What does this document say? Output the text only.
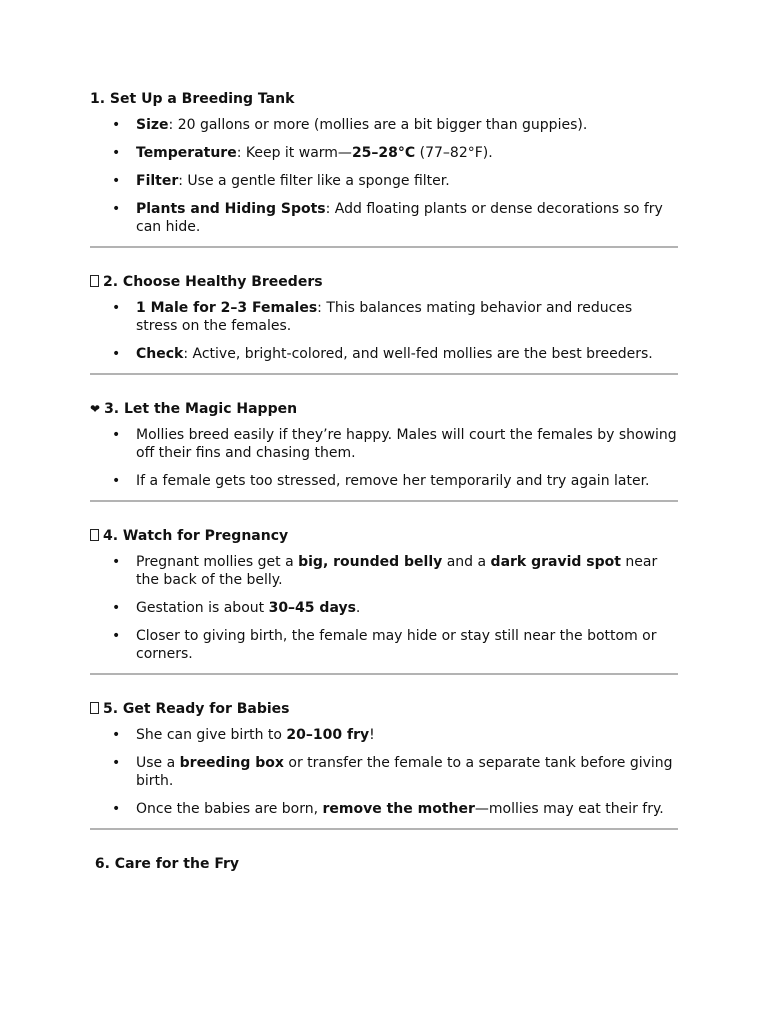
1. Set Up a Breeding Tank
• Size: 20 gallons or more (mollies are a bit bigger than guppies).
• Temperature: Keep it warm—25–28°C (77–82°F).
• Filter: Use a gentle filter like a sponge filter.
• Plants and Hiding Spots: Add floating plants or dense decorations so fry can hide.
2. Choose Healthy Breeders
• 1 Male for 2–3 Females: This balances mating behavior and reduces stress on the females.
• Check: Active, bright-colored, and well-fed mollies are the best breeders.
❤ 3. Let the Magic Happen
• Mollies breed easily if they’re happy. Males will court the females by showing off their fins and chasing them.
• If a female gets too stressed, remove her temporarily and try again later.
4. Watch for Pregnancy
• Pregnant mollies get a big, rounded belly and a dark gravid spot near the back of the belly.
• Gestation is about 30–45 days.
• Closer to giving birth, the female may hide or stay still near the bottom or corners.
5. Get Ready for Babies
• She can give birth to 20–100 fry!
• Use a breeding box or transfer the female to a separate tank before giving birth.
• Once the babies are born, remove the mother—mollies may eat their fry.
6. Care for the Fry
